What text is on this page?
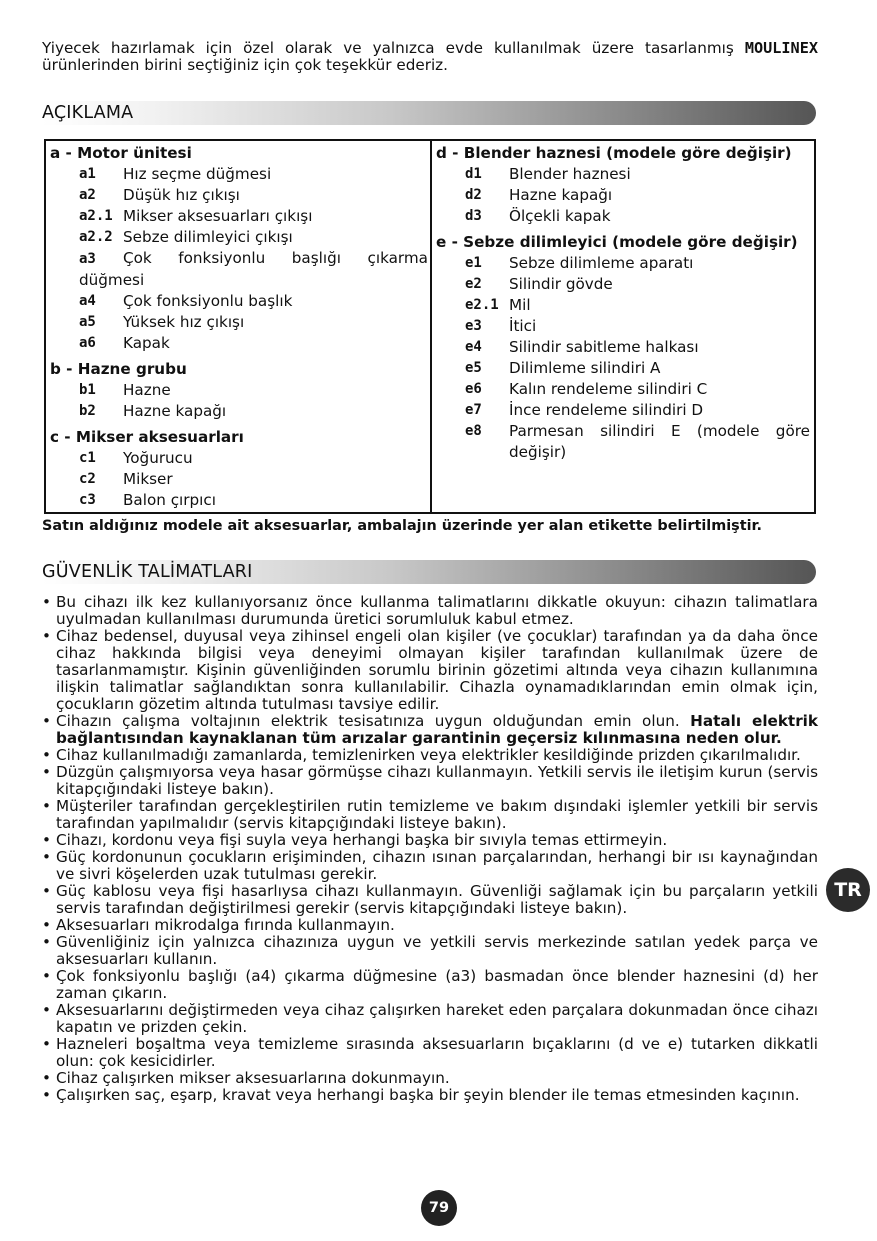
Yiyecek hazırlamak için özel olarak ve yalnızca evde kullanılmak üzere tasarlanmış MOULINEX ürünlerinden birini seçtiğiniz için çok teşekkür ederiz.

AÇIKLAMA
a - Motor ünitesi
a1	Hız seçme düğmesi
a2	Düşük hız çıkışı
a2.1 Mikser aksesuarları çıkışı
a2.2 Sebze dilimleyici çıkışı
a3 Çok fonksiyonlu başlığı çıkarma düğmesi
a4	Çok fonksiyonlu başlık
a5	Yüksek hız çıkışı
a6	Kapak
b - Hazne grubu
b1	Hazne
b2	Hazne kapağı
c - Mikser aksesuarları
c1	Yoğurucu
c2	Mikser
c3	Balon çırpıcı
d - Blender haznesi (modele göre değişir)
d1	Blender haznesi
d2	Hazne kapağı
d3	Ölçekli kapak
e - Sebze dilimleyici (modele göre değişir)
e1	Sebze dilimleme aparatı
e2	Silindir gövde
e2.1 Mil
e3	İtici
e4	Silindir sabitleme halkası
e5	Dilimleme silindiri A
e6	Kalın rendeleme silindiri C
e7	İnce rendeleme silindiri D
e8	Parmesan silindiri E (modele göre değişir)

Satın aldığınız modele ait aksesuarlar, ambalajın üzerinde yer alan etikette belirtilmiştir.

GÜVENLİK TALİMATLARI
• Bu cihazı ilk kez kullanıyorsanız önce kullanma talimatlarını dikkatle okuyun: cihazın talimatlara uyulmadan kullanılması durumunda üretici sorumluluk kabul etmez.
• Cihaz bedensel, duyusal veya zihinsel engeli olan kişiler (ve çocuklar) tarafından ya da daha önce cihaz hakkında bilgisi veya deneyimi olmayan kişiler tarafından kullanılmak üzere de tasarlanmamıştır. Kişinin güvenliğinden sorumlu birinin gözetimi altında veya cihazın kullanımına ilişkin talimatlar sağlandıktan sonra kullanılabilir. Cihazla oynamadıklarından emin olmak için, çocukların gözetim altında tutulması tavsiye edilir.
• Cihazın çalışma voltajının elektrik tesisatınıza uygun olduğundan emin olun. Hatalı elektrik bağlantısından kaynaklanan tüm arızalar garantinin geçersiz kılınmasına neden olur.
• Cihaz kullanılmadığı zamanlarda, temizlenirken veya elektrikler kesildiğinde prizden çıkarılmalıdır.
• Düzgün çalışmıyorsa veya hasar görmüşse cihazı kullanmayın. Yetkili servis ile iletişim kurun (servis kitapçığındaki listeye bakın).
• Müşteriler tarafından gerçekleştirilen rutin temizleme ve bakım dışındaki işlemler yetkili bir servis tarafından yapılmalıdır (servis kitapçığındaki listeye bakın).
• Cihazı, kordonu veya fişi suyla veya herhangi başka bir sıvıyla temas ettirmeyin.
• Güç kordonunun çocukların erişiminden, cihazın ısınan parçalarından, herhangi bir ısı kaynağından ve sivri köşelerden uzak tutulması gerekir.
• Güç kablosu veya fişi hasarlıysa cihazı kullanmayın. Güvenliği sağlamak için bu parçaların yetkili servis tarafından değiştirilmesi gerekir (servis kitapçığındaki listeye bakın).
• Aksesuarları mikrodalga fırında kullanmayın.
• Güvenliğiniz için yalnızca cihazınıza uygun ve yetkili servis merkezinde satılan yedek parça ve aksesuarları kullanın.
• Çok fonksiyonlu başlığı (a4) çıkarma düğmesine (a3) basmadan önce blender haznesini (d) her zaman çıkarın.
• Aksesuarlarını değiştirmeden veya cihaz çalışırken hareket eden parçalara dokunmadan önce cihazı kapatın ve prizden çekin.
• Hazneleri boşaltma veya temizleme sırasında aksesuarların bıçaklarını (d ve e) tutarken dikkatli olun: çok kesicidirler.
• Cihaz çalışırken mikser aksesuarlarına dokunmayın.
• Çalışırken saç, eşarp, kravat veya herhangi başka bir şeyin blender ile temas etmesinden kaçının.
TR
79
